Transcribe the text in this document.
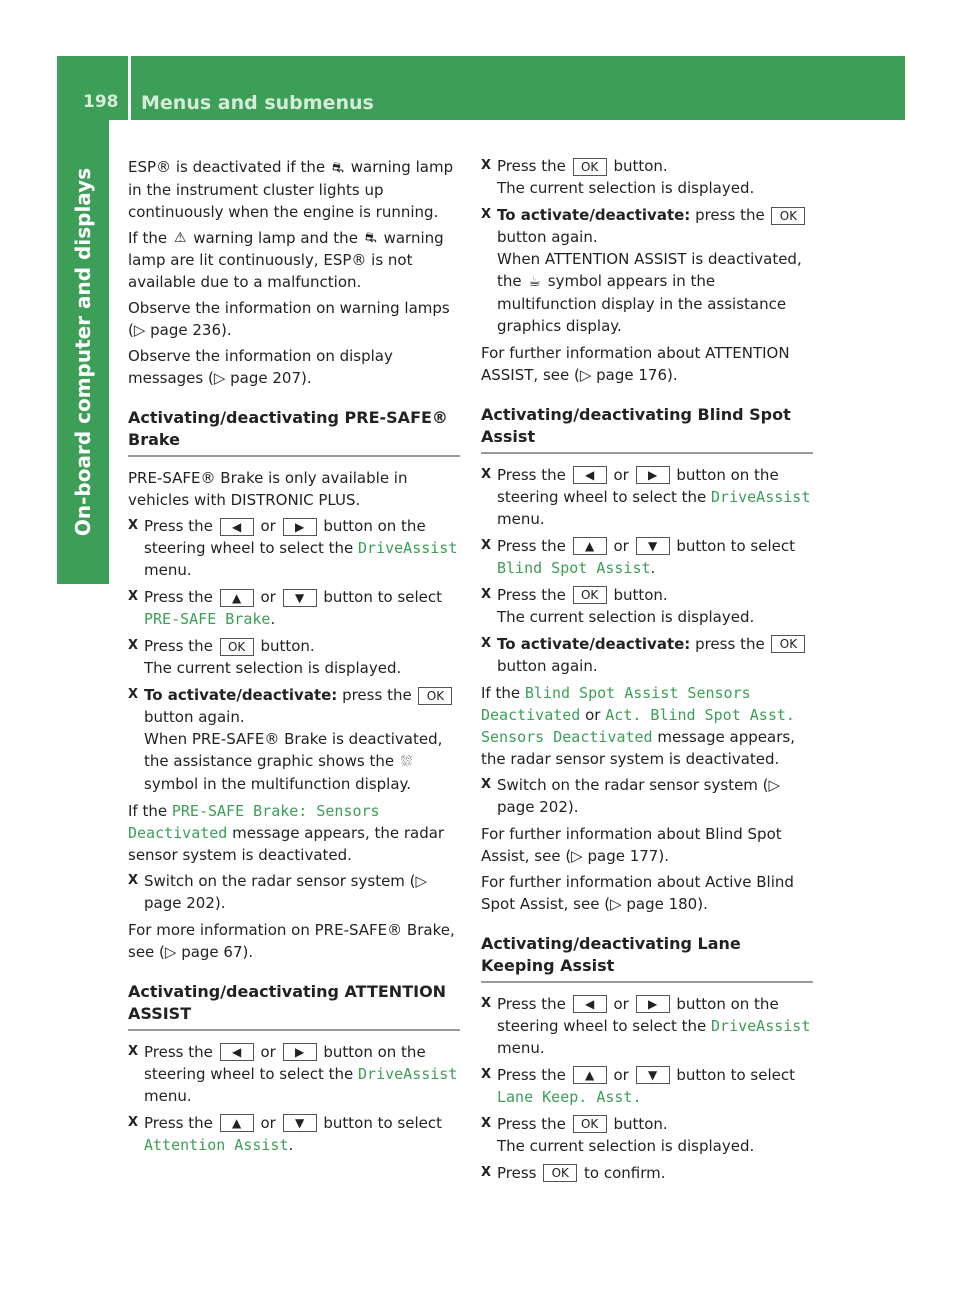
198 Menus and submenus
On-board computer and displays

ESP® is deactivated if the ⛐ warning lamp in the instrument cluster lights up continuously when the engine is running.

If the ⚠ warning lamp and the ⛐ warning lamp are lit continuously, ESP® is not available due to a malfunction.

Observe the information on warning lamps (▷ page 236).

Observe the information on display messages (▷ page 207).

Activating/deactivating PRE-SAFE® Brake

PRE-SAFE® Brake is only available in vehicles with DISTRONIC PLUS.

X Press the ◀ or ▶ button on the steering wheel to select the DriveAssist menu.
X Press the ▲ or ▼ button to select PRE-SAFE Brake.
X Press the OK button.
The current selection is displayed.
X To activate/deactivate: press the OK button again.
When PRE-SAFE® Brake is deactivated, the assistance graphic shows the ⛆ symbol in the multifunction display.

If the PRE-SAFE Brake: Sensors Deactivated message appears, the radar sensor system is deactivated.

X Switch on the radar sensor system (▷ page 202).

For more information on PRE-SAFE® Brake, see (▷ page 67).

Activating/deactivating ATTENTION ASSIST
X Press the ◀ or ▶ button on the steering wheel to select the DriveAssist menu.
X Press the ▲ or ▼ button to select Attention Assist.
X Press the OK button.
The current selection is displayed.
X To activate/deactivate: press the OK button again.
When ATTENTION ASSIST is deactivated, the ☕ symbol appears in the multifunction display in the assistance graphics display.

For further information about ATTENTION ASSIST, see (▷ page 176).

Activating/deactivating Blind Spot Assist
X Press the ◀ or ▶ button on the steering wheel to select the DriveAssist menu.
X Press the ▲ or ▼ button to select Blind Spot Assist.
X Press the OK button.
The current selection is displayed.
X To activate/deactivate: press the OK button again.

If the Blind Spot Assist Sensors Deactivated or Act. Blind Spot Asst. Sensors Deactivated message appears, the radar sensor system is deactivated.

X Switch on the radar sensor system (▷ page 202).

For further information about Blind Spot Assist, see (▷ page 177).

For further information about Active Blind Spot Assist, see (▷ page 180).

Activating/deactivating Lane Keeping Assist
X Press the ◀ or ▶ button on the steering wheel to select the DriveAssist menu.
X Press the ▲ or ▼ button to select Lane Keep. Asst.
X Press the OK button.
The current selection is displayed.
X Press OK to confirm.
